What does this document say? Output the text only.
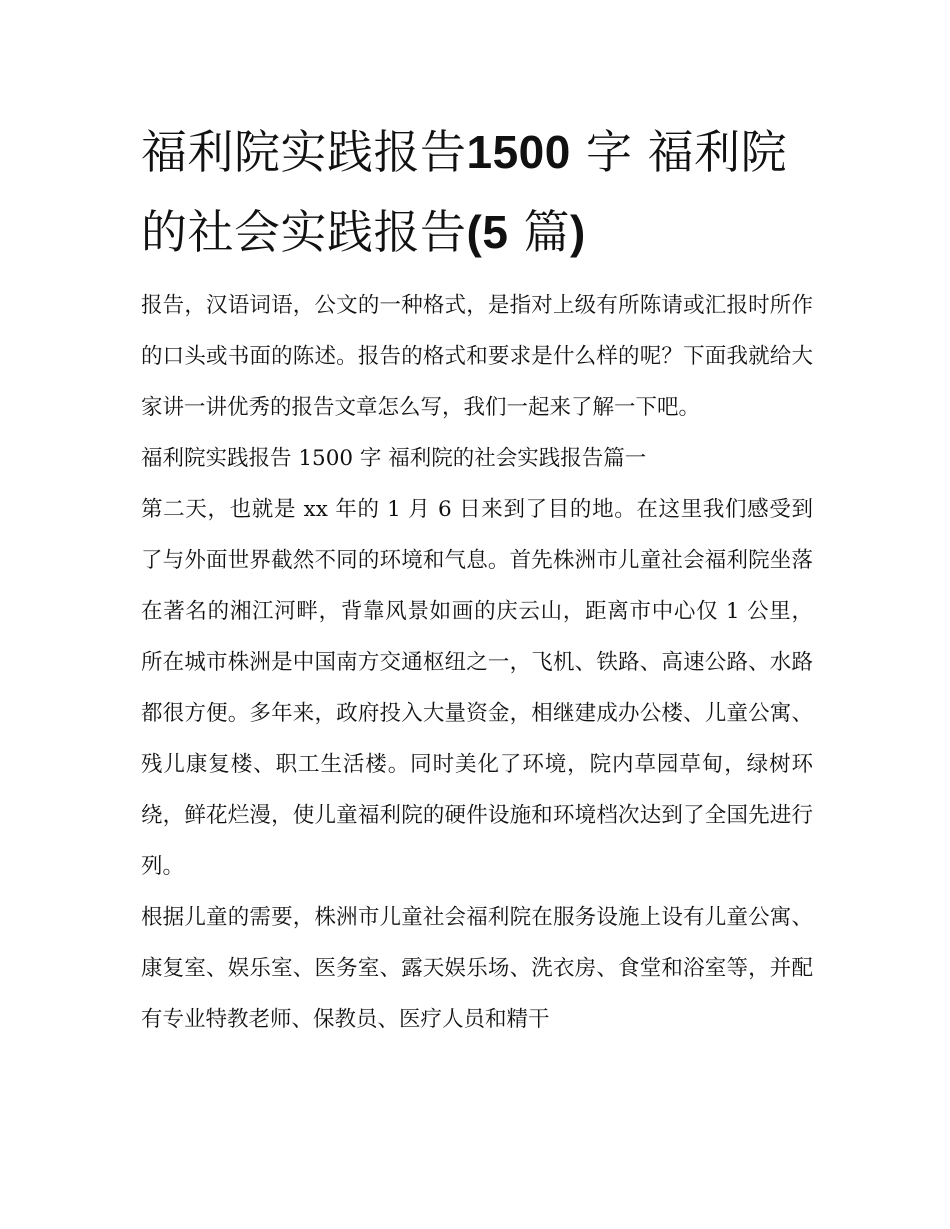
福利院实践报告1500 字 福利院的社会实践报告(5 篇)

报告，汉语词语，公文的一种格式，是指对上级有所陈请或汇报时所作的口头或书面的陈述。报告的格式和要求是什么样的呢？下面我就给大家讲一讲优秀的报告文章怎么写，我们一起来了解一下吧。

福利院实践报告 1500 字 福利院的社会实践报告篇一

第二天，也就是 xx 年的 1 月 6 日来到了目的地。在这里我们感受到了与外面世界截然不同的环境和气息。首先株洲市儿童社会福利院坐落在著名的湘江河畔，背靠风景如画的庆云山，距离市中心仅 1 公里，所在城市株洲是中国南方交通枢纽之一，飞机、铁路、高速公路、水路都很方便。多年来，政府投入大量资金，相继建成办公楼、儿童公寓、残儿康复楼、职工生活楼。同时美化了环境，院内草园草甸，绿树环绕，鲜花烂漫，使儿童福利院的硬件设施和环境档次达到了全国先进行列。

根据儿童的需要，株洲市儿童社会福利院在服务设施上设有儿童公寓、康复室、娱乐室、医务室、露天娱乐场、洗衣房、食堂和浴室等，并配有专业特教老师、保教员、医疗人员和精干
